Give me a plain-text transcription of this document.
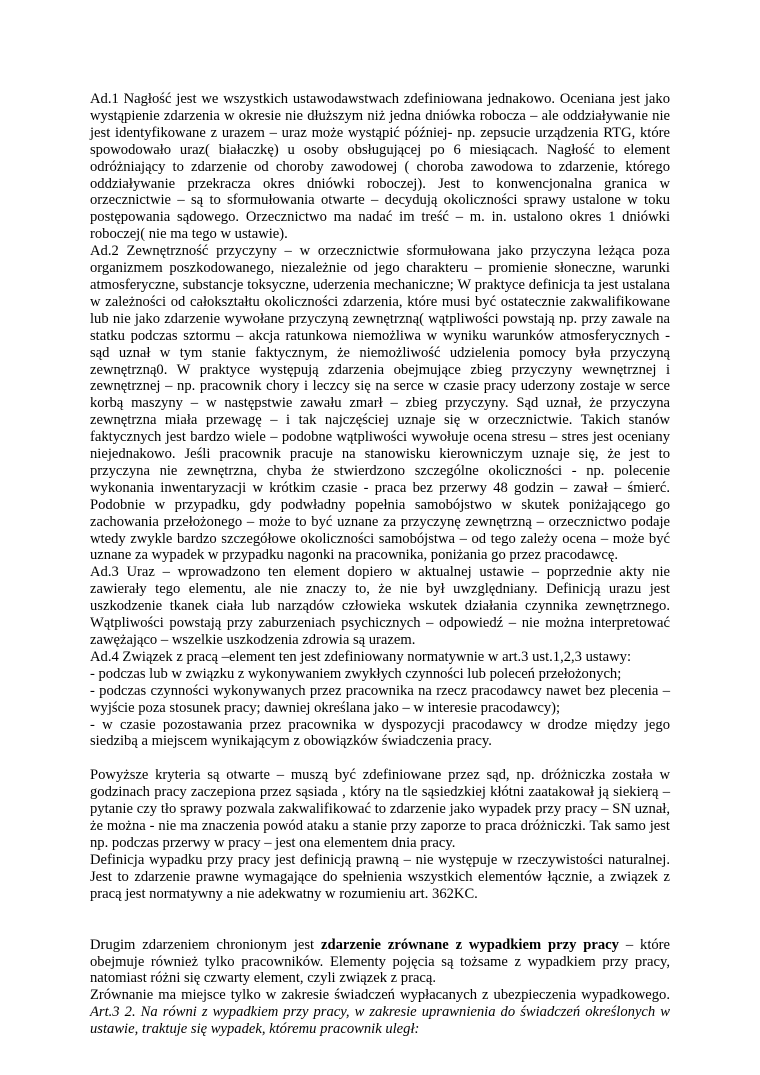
Ad.1 Nagłość jest we wszystkich ustawodawstwach zdefiniowana jednakowo. Oceniana jest jako wystąpienie zdarzenia w okresie nie dłuższym niż jedna dniówka robocza – ale oddziaływanie nie jest identyfikowane z urazem – uraz może wystąpić później- np. zepsucie urządzenia RTG, które spowodowało uraz( białaczkę) u osoby obsługującej po 6 miesiącach. Nagłość to element odróżniający to zdarzenie od choroby zawodowej ( choroba zawodowa to zdarzenie, którego oddziaływanie przekracza okres dniówki roboczej). Jest to konwencjonalna granica w orzecznictwie – są to sformułowania otwarte – decydują okoliczności sprawy ustalone w toku postępowania sądowego. Orzecznictwo ma nadać im treść – m. in. ustalono okres 1 dniówki roboczej( nie ma tego w ustawie).

Ad.2 Zewnętrzność przyczyny – w orzecznictwie sformułowana jako przyczyna leżąca poza organizmem poszkodowanego, niezależnie od jego charakteru – promienie słoneczne, warunki atmosferyczne, substancje toksyczne, uderzenia mechaniczne; W praktyce definicja ta jest ustalana w zależności od całokształtu okoliczności zdarzenia, które musi być ostatecznie zakwalifikowane lub nie jako zdarzenie wywołane przyczyną zewnętrzną( wątpliwości powstają np. przy zawale na statku podczas sztormu – akcja ratunkowa niemożliwa w wyniku warunków atmosferycznych - sąd uznał w tym stanie faktycznym, że niemożliwość udzielenia pomocy była przyczyną zewnętrzną0. W praktyce występują zdarzenia obejmujące zbieg przyczyny wewnętrznej i zewnętrznej – np. pracownik chory i leczcy się na serce w czasie pracy uderzony zostaje w serce korbą maszyny – w następstwie zawału zmarł – zbieg przyczyny. Sąd uznał, że przyczyna zewnętrzna miała przewagę – i tak najczęściej uznaje się w orzecznictwie. Takich stanów faktycznych jest bardzo wiele – podobne wątpliwości wywołuje ocena stresu – stres jest oceniany niejednakowo. Jeśli pracownik pracuje na stanowisku kierowniczym uznaje się, że jest to przyczyna nie zewnętrzna, chyba że stwierdzono szczególne okoliczności - np. polecenie wykonania inwentaryzacji w krótkim czasie - praca bez przerwy 48 godzin – zawał – śmierć. Podobnie w przypadku, gdy podwładny popełnia samobójstwo w skutek poniżającego go zachowania przełożonego – może to być uznane za przyczynę zewnętrzną – orzecznictwo podaje wtedy zwykle bardzo szczegółowe okoliczności samobójstwa – od tego zależy ocena – może być uznane za wypadek w przypadku nagonki na pracownika, poniżania go przez pracodawcę.

Ad.3 Uraz – wprowadzono ten element dopiero w aktualnej ustawie – poprzednie akty nie zawierały tego elementu, ale nie znaczy to, że nie był uwzględniany. Definicją urazu jest uszkodzenie tkanek ciała lub narządów człowieka wskutek działania czynnika zewnętrznego. Wątpliwości powstają przy zaburzeniach psychicznych – odpowiedź – nie można interpretować zawężająco – wszelkie uszkodzenia zdrowia są urazem.

Ad.4 Związek z pracą –element ten jest zdefiniowany normatywnie w art.3 ust.1,2,3 ustawy:

- podczas lub w związku z wykonywaniem zwykłych czynności lub poleceń przełożonych;

- podczas czynności wykonywanych przez pracownika na rzecz pracodawcy nawet bez plecenia – wyjście poza stosunek pracy; dawniej określana jako – w interesie pracodawcy);

- w czasie pozostawania przez pracownika w dyspozycji pracodawcy w drodze między jego siedzibą a miejscem wynikającym z obowiązków świadczenia pracy.

Powyższe kryteria są otwarte – muszą być zdefiniowane przez sąd, np. dróżniczka została w godzinach pracy zaczepiona przez sąsiada , który na tle sąsiedzkiej kłótni zaatakował ją siekierą – pytanie czy tło sprawy pozwala zakwalifikować to zdarzenie jako wypadek przy pracy – SN uznał, że można - nie ma znaczenia powód ataku a stanie przy zaporze to praca dróżniczki. Tak samo jest np. podczas przerwy w pracy – jest ona elementem dnia pracy.

Definicja wypadku przy pracy jest definicją prawną – nie występuje w rzeczywistości naturalnej. Jest to zdarzenie prawne wymagające do spełnienia wszystkich elementów łącznie, a związek z pracą jest normatywny a nie adekwatny w rozumieniu art. 362KC.

Drugim zdarzeniem chronionym jest zdarzenie zrównane z wypadkiem przy pracy – które obejmuje również tylko pracowników. Elementy pojęcia są tożsame z wypadkiem przy pracy, natomiast różni się czwarty element, czyli związek z pracą.

Zrównanie ma miejsce tylko w zakresie świadczeń wypłacanych z ubezpieczenia wypadkowego. Art.3 2. Na równi z wypadkiem przy pracy, w zakresie uprawnienia do świadczeń określonych w ustawie, traktuje się wypadek, któremu pracownik uległ:
